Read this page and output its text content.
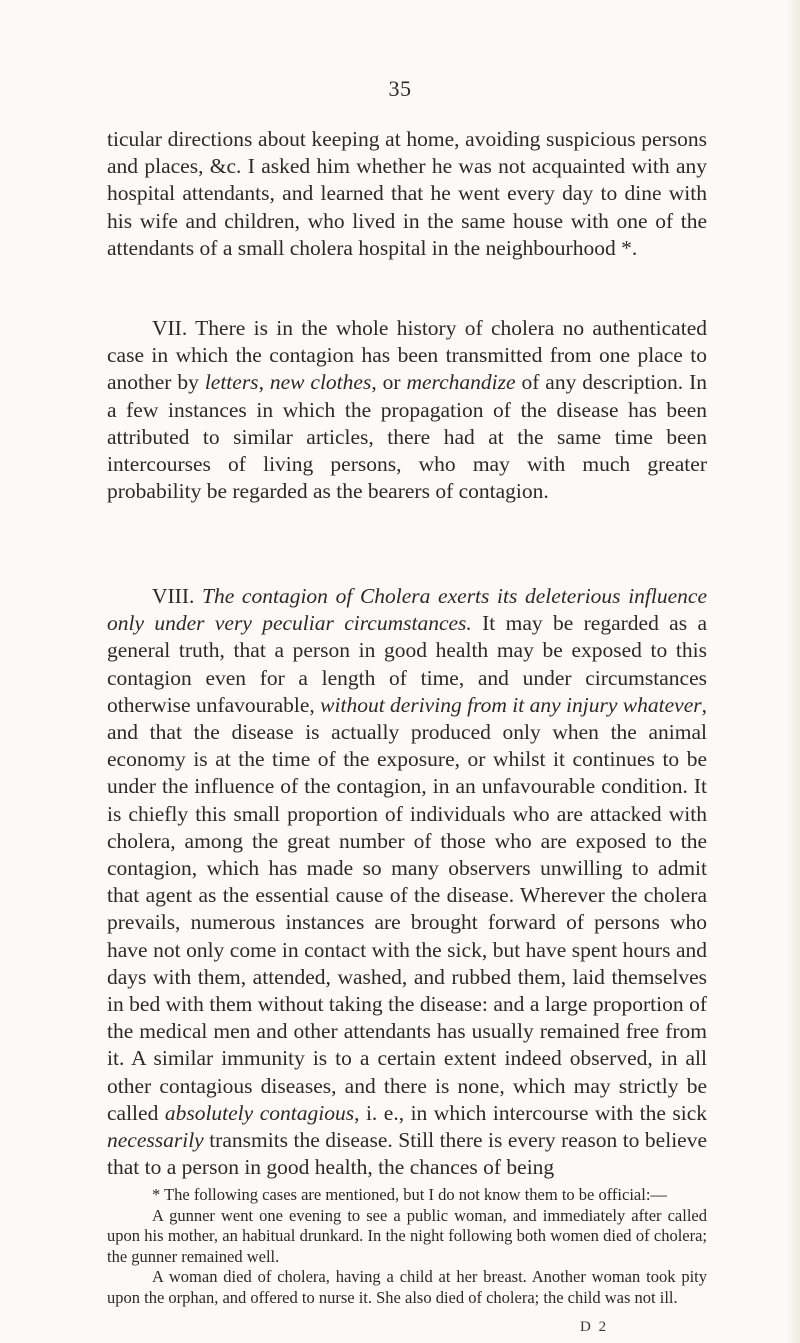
35

ticular directions about keeping at home, avoiding suspicious persons and places, &c. I asked him whether he was not acquainted with any hospital attendants, and learned that he went every day to dine with his wife and children, who lived in the same house with one of the attendants of a small cholera hospital in the neighbourhood *.

VII. There is in the whole history of cholera no authenticated case in which the contagion has been transmitted from one place to another by letters, new clothes, or merchandize of any description. In a few instances in which the propagation of the disease has been attributed to similar articles, there had at the same time been intercourses of living persons, who may with much greater probability be regarded as the bearers of contagion.

VIII. The contagion of Cholera exerts its deleterious influence only under very peculiar circumstances. It may be regarded as a general truth, that a person in good health may be exposed to this contagion even for a length of time, and under circumstances otherwise unfavourable, without deriving from it any injury whatever, and that the disease is actually produced only when the animal economy is at the time of the exposure, or whilst it continues to be under the influence of the contagion, in an unfavourable condition. It is chiefly this small proportion of individuals who are attacked with cholera, among the great number of those who are exposed to the contagion, which has made so many observers unwilling to admit that agent as the essential cause of the disease. Wherever the cholera prevails, numerous instances are brought forward of persons who have not only come in contact with the sick, but have spent hours and days with them, attended, washed, and rubbed them, laid themselves in bed with them without taking the disease: and a large proportion of the medical men and other attendants has usually remained free from it. A similar immunity is to a certain extent indeed observed, in all other contagious diseases, and there is none, which may strictly be called absolutely contagious, i. e., in which intercourse with the sick necessarily transmits the disease. Still there is every reason to believe that to a person in good health, the chances of being

* The following cases are mentioned, but I do not know them to be official:—

A gunner went one evening to see a public woman, and immediately after called upon his mother, an habitual drunkard. In the night following both women died of cholera; the gunner remained well.

A woman died of cholera, having a child at her breast. Another woman took pity upon the orphan, and offered to nurse it. She also died of cholera; the child was not ill.

D 2
